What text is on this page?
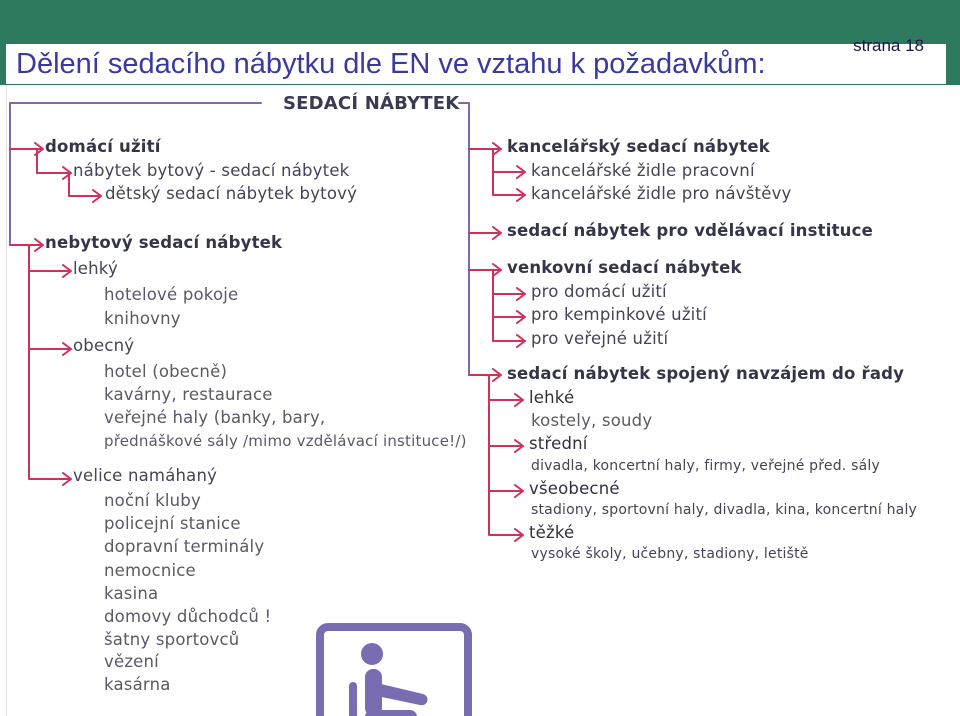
Dělení sedacího nábytku dle EN ve vztahu k požadavkům:
strana 18
SEDACÍ NÁBYTEK
domácí užití
nábytek bytový - sedací nábytek
dětský sedací nábytek bytový
nebytový sedací nábytek
lehký
hotelové pokoje
knihovny
obecný
hotel (obecně)
kavárny, restaurace
veřejné haly (banky, bary,
přednáškové sály /mimo vzdělávací instituce!/)
velice namáhaný
noční kluby
policejní stanice
dopravní terminály
nemocnice
kasina
domovy důchodců !
šatny sportovců
vězení
kasárna
kancelářský sedací nábytek
kancelářské židle pracovní
kancelářské židle pro návštěvy
sedací nábytek pro vdělávací instituce
venkovní sedací nábytek
pro domácí užití
pro kempinkové užití
pro veřejné užití
sedací nábytek spojený navzájem do řady
lehké
kostely, soudy
střední
divadla, koncertní haly, firmy, veřejné před. sály
všeobecné
stadiony, sportovní haly, divadla, kina, koncertní haly
těžké
vysoké školy, učebny, stadiony, letiště
